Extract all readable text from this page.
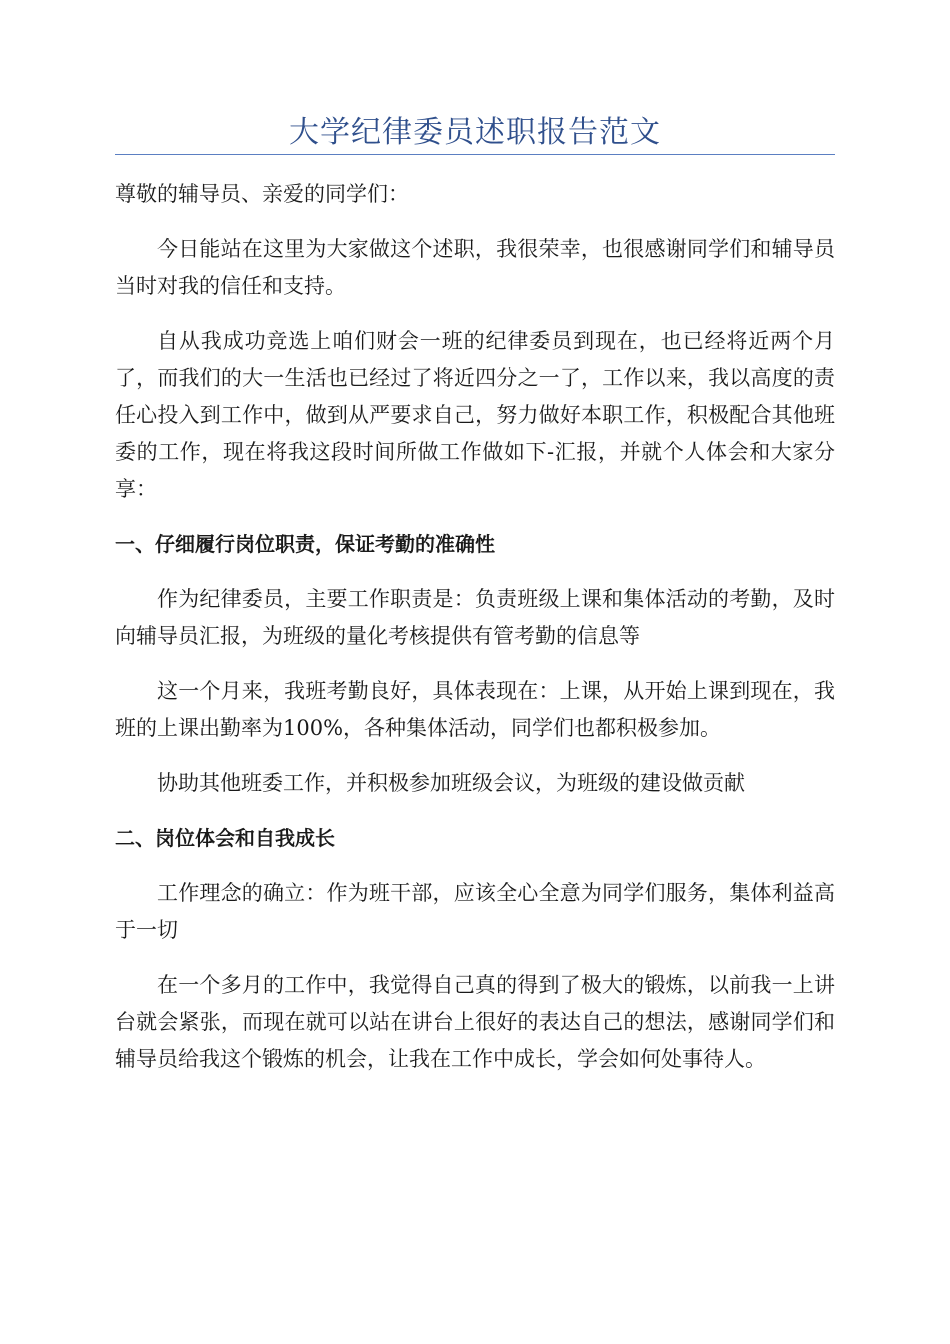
大学纪律委员述职报告范文

尊敬的辅导员、亲爱的同学们：

今日能站在这里为大家做这个述职，我很荣幸，也很感谢同学们和辅导员当时对我的信任和支持。

自从我成功竞选上咱们财会一班的纪律委员到现在，也已经将近两个月了，而我们的大一生活也已经过了将近四分之一了，工作以来，我以高度的责任心投入到工作中，做到从严要求自己，努力做好本职工作，积极配合其他班委的工作，现在将我这段时间所做工作做如下-汇报，并就个人体会和大家分享：

一、仔细履行岗位职责，保证考勤的准确性

作为纪律委员，主要工作职责是：负责班级上课和集体活动的考勤，及时向辅导员汇报，为班级的量化考核提供有管考勤的信息等

这一个月来，我班考勤良好，具体表现在：上课，从开始上课到现在，我班的上课出勤率为100%，各种集体活动，同学们也都积极参加。

协助其他班委工作，并积极参加班级会议，为班级的建设做贡献

二、岗位体会和自我成长

工作理念的确立：作为班干部，应该全心全意为同学们服务，集体利益高于一切

在一个多月的工作中，我觉得自己真的得到了极大的锻炼，以前我一上讲台就会紧张，而现在就可以站在讲台上很好的表达自己的想法，感谢同学们和辅导员给我这个锻炼的机会，让我在工作中成长，学会如何处事待人。
